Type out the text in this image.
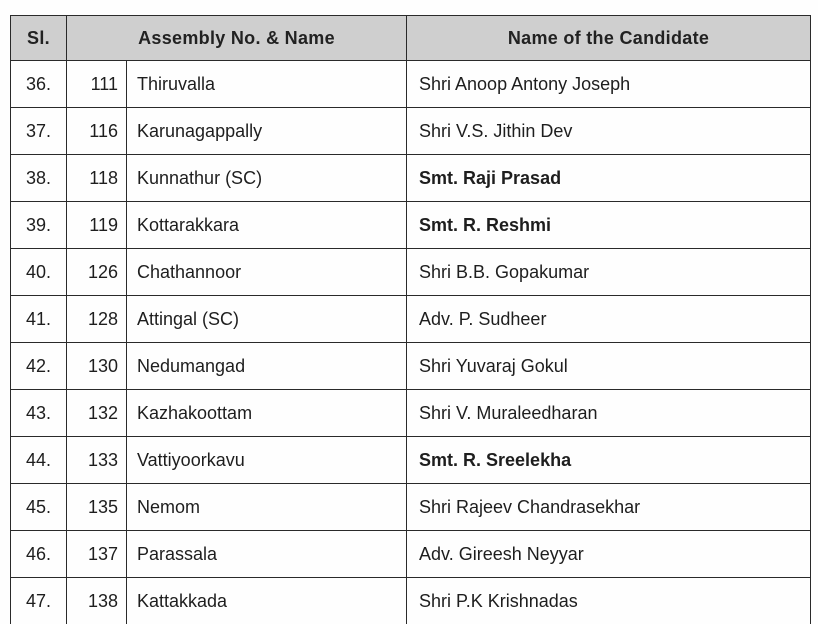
Sl.	Assembly No. & Name		Name of the Candidate
36.	111	Thiruvalla	Shri Anoop Antony Joseph
37.	116	Karunagappally	Shri V.S. Jithin Dev
38.	118	Kunnathur (SC)	Smt. Raji Prasad
39.	119	Kottarakkara	Smt. R. Reshmi
40.	126	Chathannoor	Shri B.B. Gopakumar
41.	128	Attingal (SC)	Adv. P. Sudheer
42.	130	Nedumangad	Shri Yuvaraj Gokul
43.	132	Kazhakoottam	Shri V. Muraleedharan
44.	133	Vattiyoorkavu	Smt. R. Sreelekha
45.	135	Nemom	Shri Rajeev Chandrasekhar
46.	137	Parassala	Adv. Gireesh Neyyar
47.	138	Kattakkada	Shri P.K Krishnadas
